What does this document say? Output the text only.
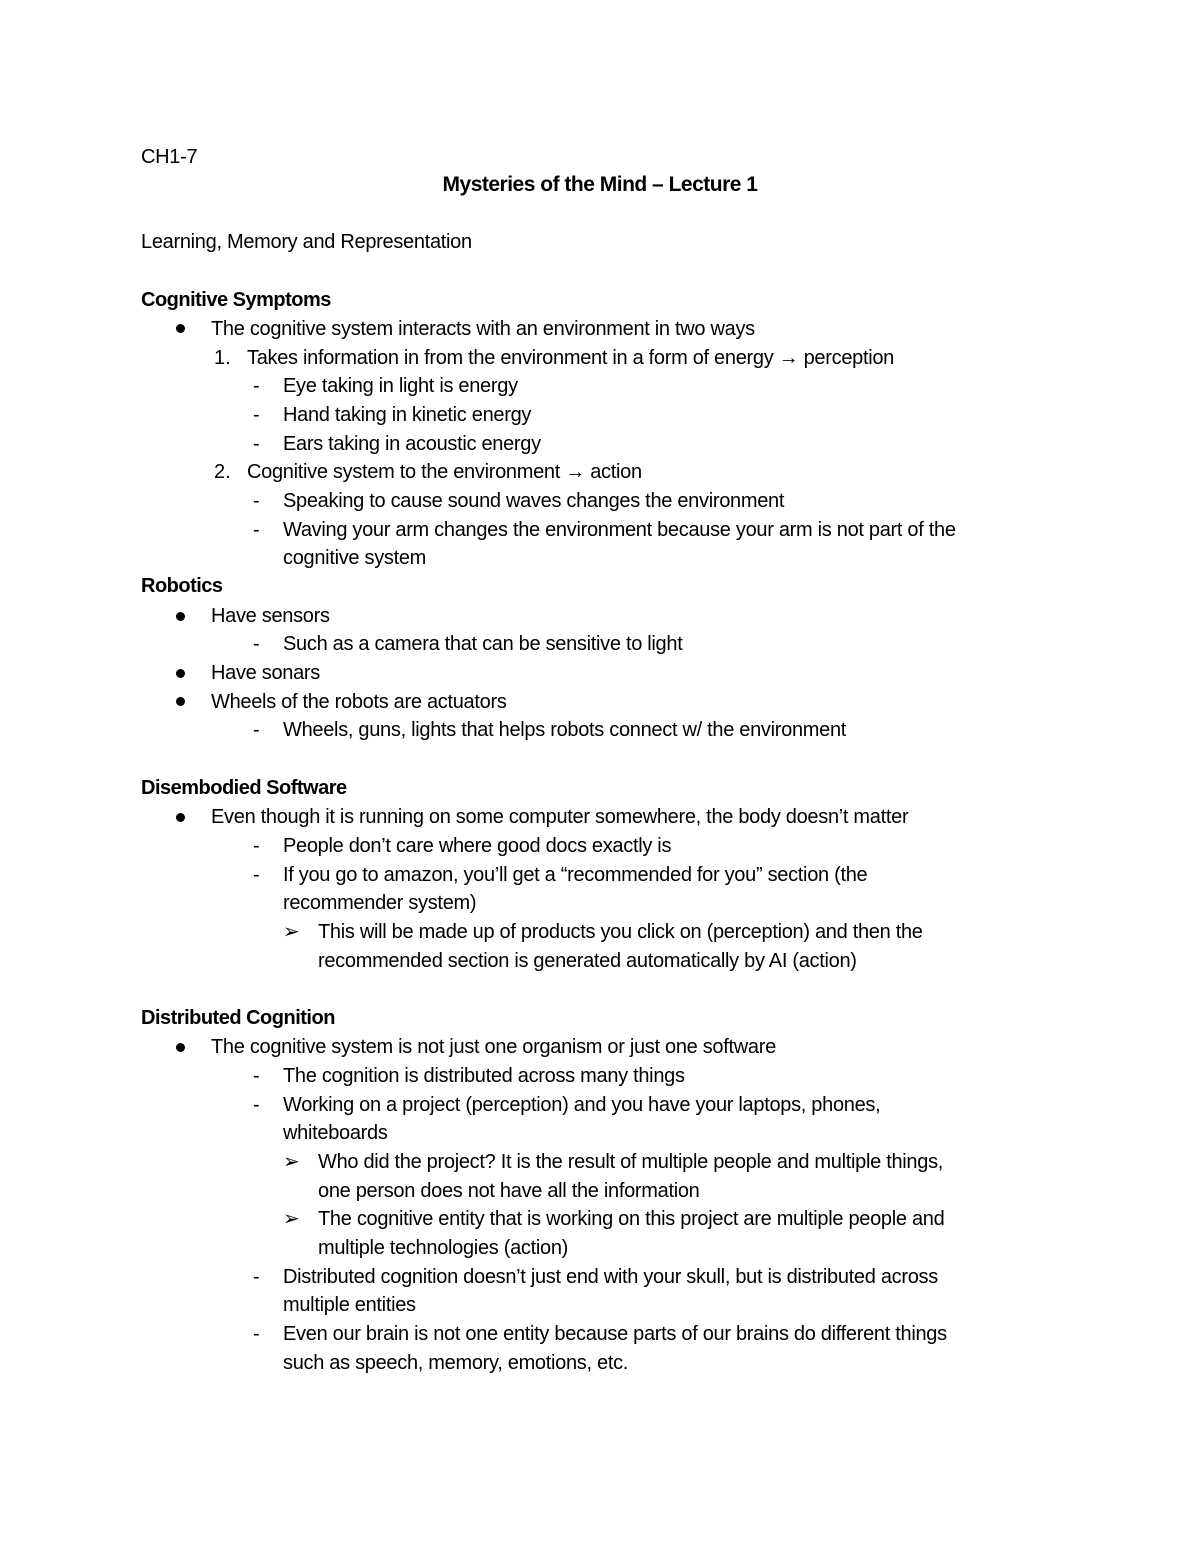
CH1-7
Mysteries of the Mind – Lecture 1
Learning, Memory and Representation
Cognitive Symptoms
The cognitive system interacts with an environment in two ways
1. Takes information in from the environment in a form of energy → perception
- Eye taking in light is energy
- Hand taking in kinetic energy
- Ears taking in acoustic energy
2. Cognitive system to the environment → action
- Speaking to cause sound waves changes the environment
- Waving your arm changes the environment because your arm is not part of the
cognitive system
Robotics
Have sensors
- Such as a camera that can be sensitive to light
Have sonars
Wheels of the robots are actuators
- Wheels, guns, lights that helps robots connect w/ the environment
Disembodied Software
Even though it is running on some computer somewhere, the body doesn’t matter
- People don’t care where good docs exactly is
- If you go to amazon, you’ll get a “recommended for you” section (the
recommender system)
➢ This will be made up of products you click on (perception) and then the
recommended section is generated automatically by AI (action)
Distributed Cognition
The cognitive system is not just one organism or just one software
- The cognition is distributed across many things
- Working on a project (perception) and you have your laptops, phones,
whiteboards
➢ Who did the project? It is the result of multiple people and multiple things,
one person does not have all the information
➢ The cognitive entity that is working on this project are multiple people and
multiple technologies (action)
- Distributed cognition doesn’t just end with your skull, but is distributed across
multiple entities
- Even our brain is not one entity because parts of our brains do different things
such as speech, memory, emotions, etc.
